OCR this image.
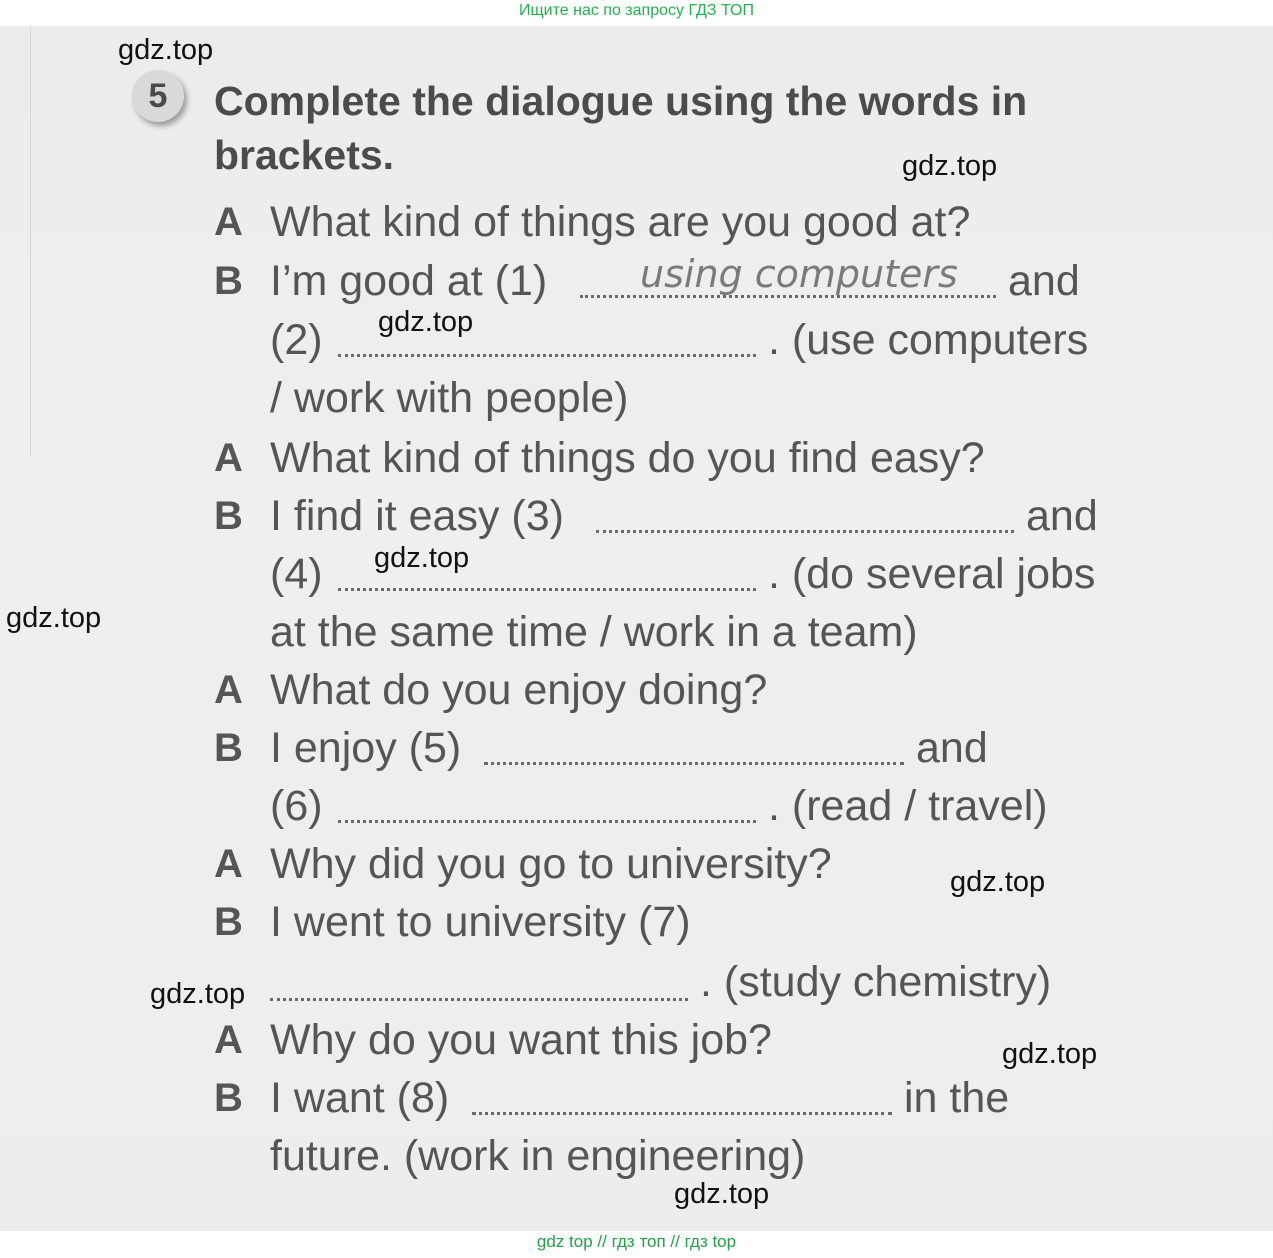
Ищите нас по запросу ГДЗ ТОП
5	Complete the dialogue using the words in brackets.
A What kind of things are you good at?
B I’m good at (1) using computers and
(2)	. (use computers
/ work with people)
A What kind of things do you find easy?
B I find it easy (3)	and
(4)	. (do several jobs
at the same time / work in a team)
A What do you enjoy doing?
B I enjoy (5)	and
(6)	. (read / travel)
A Why did you go to university?
B I went to university (7)
. (study chemistry)
A Why do you want this job?
B I want (8)	in the
future. (work in engineering)
gdz.top
gdz.top
gdz.top
gdz.top
gdz.top
gdz.top
gdz.top
gdz.top
gdz.top
gdz top // гдз топ // гдз top
